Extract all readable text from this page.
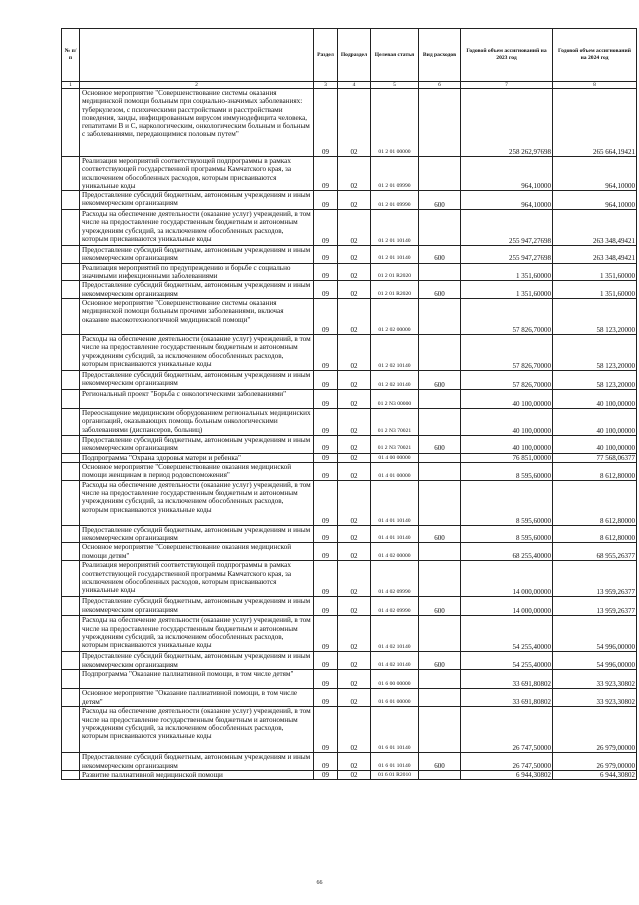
№ п/п		Раздел	Подраздел	Целевая статья	Вид расходов	Годовой объем ассигнований на 2023 год	Годовой объем ассигнований на 2024 год
1	2	3	4	5	6	7	8
	Основное мероприятие "Совершенствование системы оказания медицинской помощи больным при социально-значимых заболеваниях: туберкулезом, с психическими расстройствами и расстройствами поведения, заиды, инфицированным вирусом иммунодефицита человека, гепатитами В и С, наркологическим, онкологическим больным и больным с заболеваниями, передающимися половым путем"	09	02	01 2 01 00000		258 262,97698	265 664,19421
	Реализация мероприятий соответствующей подпрограммы в рамках соответствующей государственной программы Камчатского края, за исключением обособленных расходов, которым присваиваются уникальные коды	09	02	01 2 01 09990		964,10000	964,10000
	Предоставление субсидий бюджетным, автономным учреждениям и иным некоммерческим организациям	09	02	01 2 01 09990	600	964,10000	964,10000
	Расходы на обеспечение деятельности (оказание услуг) учреждений, в том числе на предоставление государственным бюджетным и автономным учреждениям субсидий, за исключением обособленных расходов, которым присваиваются уникальные коды	09	02	01 2 01 10140		255 947,27698	263 348,49421
	Предоставление субсидий бюджетным, автономным учреждениям и иным некоммерческим организациям	09	02	01 2 01 10140	600	255 947,27698	263 348,49421
	Реализация мероприятий по предупреждению и борьбе с социально значимыми инфекционными заболеваниями	09	02	01 2 01 R2020		1 351,60000	1 351,60000
	Предоставление субсидий бюджетным, автономным учреждениям и иным некоммерческим организациям	09	02	01 2 01 R2020	600	1 351,60000	1 351,60000
	Основное мероприятие "Совершенствование системы оказания медицинской помощи больным прочими заболеваниями, включая оказание высокотехнологичной медицинской помощи"	09	02	01 2 02 00000		57 826,70000	58 123,20000
	Расходы на обеспечение деятельности (оказание услуг) учреждений, в том числе на предоставление государственным бюджетным и автономным учреждениям субсидий, за исключением обособленных расходов, которым присваиваются уникальные коды	09	02	01 2 02 10140		57 826,70000	58 123,20000
	Предоставление субсидий бюджетным, автономным учреждениям и иным некоммерческим организациям	09	02	01 2 02 10140	600	57 826,70000	58 123,20000
	Региональный проект "Борьба с онкологическими заболеваниями"	09	02	01 2 N3 00000		40 100,00000	40 100,00000
	Переоснащение медицинским оборудованием региональных медицинских организаций, оказывающих помощь больным онкологическими заболеваниями (диспансеров, больниц)	09	02	01 2 N3 70021		40 100,00000	40 100,00000
	Предоставление субсидий бюджетным, автономным учреждениям и иным некоммерческим организациям	09	02	01 2 N3 70021	600	40 100,00000	40 100,00000
	Подпрограмма "Охрана здоровья матери и ребенка"	09	02	01 4 00 00000		76 851,00000	77 568,06377
	Основное мероприятие "Совершенствование оказания медицинской помощи женщинам в период родовспоможения"	09	02	01 4 01 00000		8 595,60000	8 612,80000
	Расходы на обеспечение деятельности (оказание услуг) учреждений, в том числе на предоставление государственным бюджетным и автономным учреждениям субсидий, за исключением обособленных расходов, которым присваиваются уникальные коды	09	02	01 4 01 10140		8 595,60000	8 612,80000
	Предоставление субсидий бюджетным, автономным учреждениям и иным некоммерческим организациям	09	02	01 4 01 10140	600	8 595,60000	8 612,80000
	Основное мероприятие "Совершенствование оказания медицинской помощи детям"	09	02	01 4 02 00000		68 255,40000	68 955,26377
	Реализация мероприятий соответствующей подпрограммы в рамках соответствующей государственной программы Камчатского края, за исключением обособленных расходов, которым присваиваются уникальные коды	09	02	01 4 02 09990		14 000,00000	13 959,26377
	Предоставление субсидий бюджетным, автономным учреждениям и иным некоммерческим организациям	09	02	01 4 02 09990	600	14 000,00000	13 959,26377
	Расходы на обеспечение деятельности (оказание услуг) учреждений, в том числе на предоставление государственным бюджетным и автономным учреждениям субсидий, за исключением обособленных расходов, которым присваиваются уникальные коды	09	02	01 4 02 10140		54 255,40000	54 996,00000
	Предоставление субсидий бюджетным, автономным учреждениям и иным некоммерческим организациям	09	02	01 4 02 10140	600	54 255,40000	54 996,00000
	Подпрограмма "Оказание паллиативной помощи, в том числе детям"	09	02	01 6 00 00000		33 691,80802	33 923,30802
	Основное мероприятие "Оказание паллиативной помощи, в том числе детям"	09	02	01 6 01 00000		33 691,80802	33 923,30802
	Расходы на обеспечение деятельности (оказание услуг) учреждений, в том числе на предоставление государственным бюджетным и автономным учреждениям субсидий, за исключением обособленных расходов, которым присваиваются уникальные коды	09	02	01 6 01 10140		26 747,50000	26 979,00000
	Предоставление субсидий бюджетным, автономным учреждениям и иным некоммерческим организациям	09	02	01 6 01 10140	600	26 747,50000	26 979,00000
	Развитие паллиативной медицинской помощи	09	02	01 6 01 R2010		6 944,30802	6 944,30802
66
